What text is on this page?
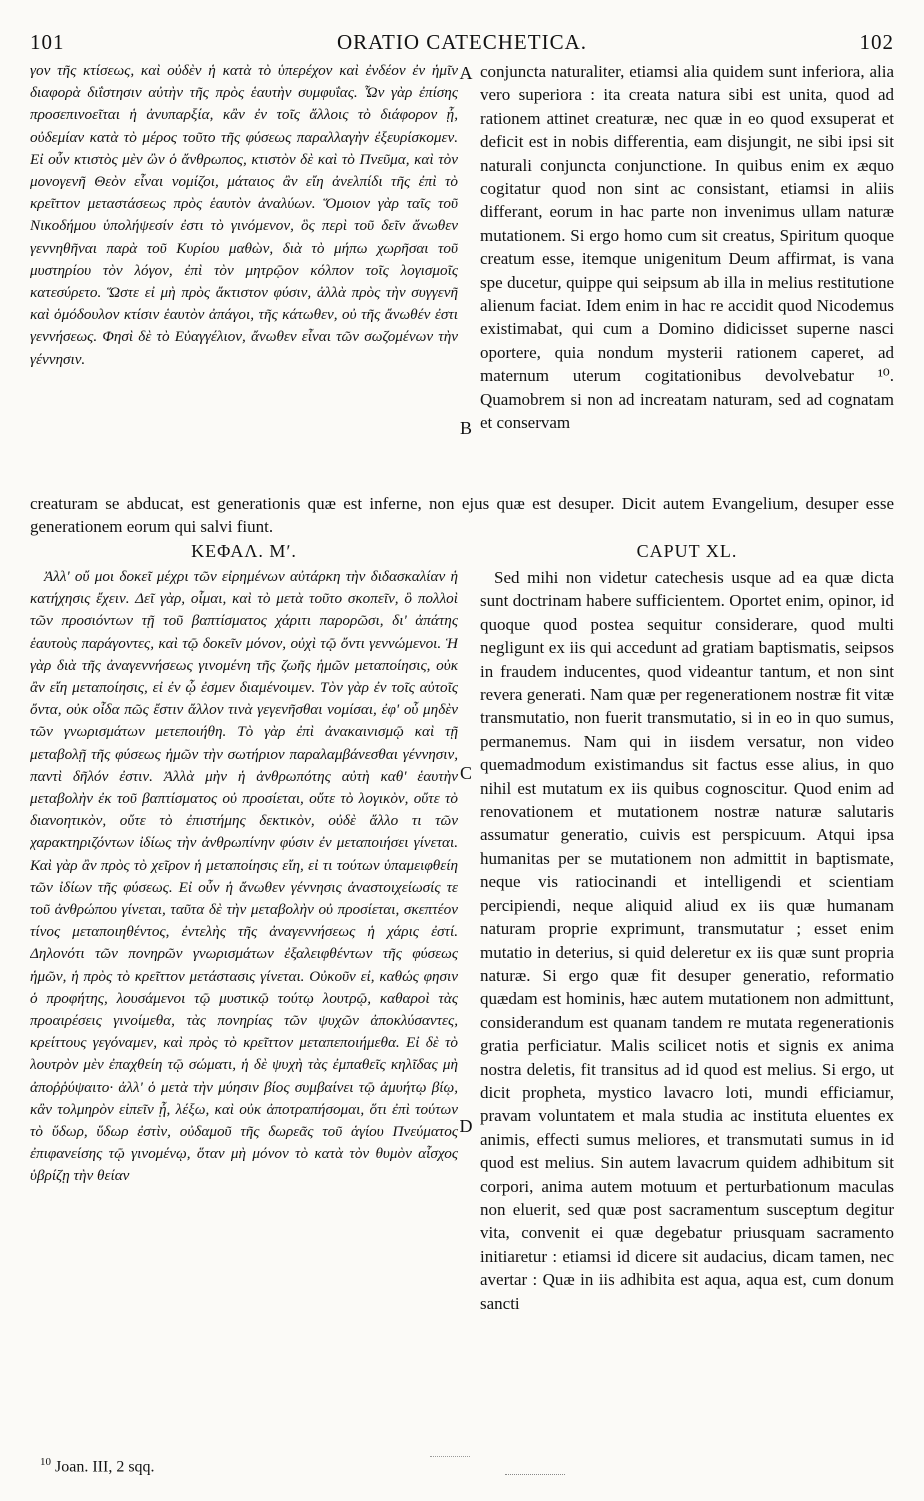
101	ORATIO CATECHETICA.	102

γον τῆς κτίσεως, καὶ οὐδὲν ἡ κατὰ τὸ ὑπερέχον καὶ ἐνδέον ἐν ἡμῖν διαφορὰ διΐστησιν αὐτὴν τῆς πρὸς ἑαυτὴν συμφυΐας. Ὧν γὰρ ἐπίσης προσεπινοεῖται ἡ ἀνυπαρξία, κἂν ἐν τοῖς ἄλλοις τὸ διάφορον ᾖ, οὐδεμίαν κατὰ τὸ μέρος τοῦτο τῆς φύσεως παραλλαγὴν ἐξευρίσκομεν. Εἰ οὖν κτιστὸς μὲν ὢν ὁ ἄνθρωπος, κτιστὸν δὲ καὶ τὸ Πνεῦμα, καὶ τὸν μονογενῆ Θεὸν εἶναι νομίζοι, μάταιος ἂν εἴη ἀνελπίδι τῆς ἐπὶ τὸ κρεῖττον μεταστάσεως πρὸς ἑαυτὸν ἀναλύων. Ὅμοιον γὰρ ταῖς τοῦ Νικοδήμου ὑπολήψεσίν ἐστι τὸ γινόμενον, ὃς περὶ τοῦ δεῖν ἄνωθεν γεννηθῆναι παρὰ τοῦ Κυρίου μαθὼν, διὰ τὸ μήπω χωρῆσαι τοῦ μυστηρίου τὸν λόγον, ἐπὶ τὸν μητρῷον κόλπον τοῖς λογισμοῖς κατεσύρετο. Ὥστε εἰ μὴ πρὸς ἄκτιστον φύσιν, ἀλλὰ πρὸς τὴν συγγενῆ καὶ ὁμόδουλον κτίσιν ἑαυτὸν ἀπάγοι, τῆς κάτωθεν, οὐ τῆς ἄνωθέν ἐστι γεννήσεως. Φησὶ δὲ τὸ Εὐαγγέλιον, ἄνωθεν εἶναι τῶν σωζομένων τὴν γέννησιν.

conjuncta naturaliter, etiamsi alia quidem sunt inferiora, alia vero superiora : ita creata natura sibi est unita, quod ad rationem attinet creaturæ, nec quæ in eo quod exsuperat et deficit est in nobis differentia, eam disjungit, ne sibi ipsi sit naturali conjuncta conjunctione. In quibus enim ex æquo cogitatur quod non sint ac consistant, etiamsi in aliis differant, eorum in hac parte non invenimus ullam naturæ mutationem. Si ergo homo cum sit creatus, Spiritum quoque creatum esse, itemque unigenitum Deum affirmat, is vana spe ducetur, quippe qui seipsum ab illa in melius restitutione alienum faciat. Idem enim in hac re accidit quod Nicodemus existimabat, qui cum a Domino didicisset superne nasci oportere, quia nondum mysterii rationem caperet, ad maternum uterum cogitationibus devolvebatur ¹⁰. Quamobrem si non ad increatam naturam, sed ad cognatam et conservam

A
B
creaturam se abducat, est generationis quæ est inferne, non ejus quæ est desuper. Dicit autem Evangelium, desuper esse generationem eorum qui salvi fiunt.
ΚΕΦΑΛ. Μʹ.	CAPUT XL.

Ἀλλ' οὔ μοι δοκεῖ μέχρι τῶν εἰρημένων αὐτάρκη τὴν διδασκαλίαν ἡ κατήχησις ἔχειν. Δεῖ γὰρ, οἶμαι, καὶ τὸ μετὰ τοῦτο σκοπεῖν, ὃ πολλοὶ τῶν προσιόντων τῇ τοῦ βαπτίσματος χάριτι παρορῶσι, δι' ἀπάτης ἑαυτοὺς παράγοντες, καὶ τῷ δοκεῖν μόνον, οὐχὶ τῷ ὄντι γεννώμενοι. Ἡ γὰρ διὰ τῆς ἀναγεννήσεως γινομένη τῆς ζωῆς ἡμῶν μεταποίησις, οὐκ ἂν εἴη μεταποίησις, εἰ ἐν ᾧ ἐσμεν διαμένοιμεν. Τὸν γὰρ ἐν τοῖς αὐτοῖς ὄντα, οὐκ οἶδα πῶς ἔστιν ἄλλον τινὰ γεγενῆσθαι νομίσαι, ἐφ' οὗ μηδὲν τῶν γνωρισμάτων μετεποιήθη. Τὸ γὰρ ἐπὶ ἀνακαινισμῷ καὶ τῇ μεταβολῇ τῆς φύσεως ἡμῶν τὴν σωτήριον παραλαμβάνεσθαι γέννησιν, παντὶ δῆλόν ἐστιν. Ἀλλὰ μὴν ἡ ἀνθρωπότης αὐτὴ καθ' ἑαυτὴν μεταβολὴν ἐκ τοῦ βαπτίσματος οὐ προσίεται, οὔτε τὸ λογικὸν, οὔτε τὸ διανοητικὸν, οὔτε τὸ ἐπιστήμης δεκτικὸν, οὐδὲ ἄλλο τι τῶν χαρακτηριζόντων ἰδίως τὴν ἀνθρωπίνην φύσιν ἐν μεταποιήσει γίνεται. Καὶ γὰρ ἂν πρὸς τὸ χεῖρον ἡ μεταποίησις εἴη, εἰ τι τούτων ὑπαμειφθείη τῶν ἰδίων τῆς φύσεως. Εἰ οὖν ἡ ἄνωθεν γέννησις ἀναστοιχείωσίς τε τοῦ ἀνθρώπου γίνεται, ταῦτα δὲ τὴν μεταβολὴν οὐ προσίεται, σκεπτέον τίνος μεταποιηθέντος, ἐντελὴς τῆς ἀναγεννήσεως ἡ χάρις ἐστί. Δηλονότι τῶν πονηρῶν γνωρισμάτων ἐξαλειφθέντων τῆς φύσεως ἡμῶν, ἡ πρὸς τὸ κρεῖττον μετάστασις γίνεται. Οὐκοῦν εἰ, καθώς φησιν ὁ προφήτης, λουσάμενοι τῷ μυστικῷ τούτῳ λουτρῷ, καθαροὶ τὰς προαιρέσεις γινοίμεθα, τὰς πονηρίας τῶν ψυχῶν ἀποκλύσαντες, κρείττους γεγόναμεν, καὶ πρὸς τὸ κρεῖττον μεταπεποιήμεθα. Εἰ δὲ τὸ λουτρὸν μὲν ἐπαχθείη τῷ σώματι, ἡ δὲ ψυχὴ τὰς ἐμπαθεῖς κηλῖδας μὴ ἀποῤῥύψαιτο· ἀλλ' ὁ μετὰ τὴν μύησιν βίος συμβαίνει τῷ ἀμυήτῳ βίῳ, κἂν τολμηρὸν εἰπεῖν ᾖ, λέξω, καὶ οὐκ ἀποτραπήσομαι, ὅτι ἐπὶ τούτων τὸ ὕδωρ, ὕδωρ ἐστὶν, οὐδαμοῦ τῆς δωρεᾶς τοῦ ἁγίου Πνεύματος ἐπιφανείσης τῷ γινομένῳ, ὅταν μὴ μόνον τὸ κατὰ τὸν θυμὸν αἶσχος ὑβρίζῃ τὴν θείαν

Sed mihi non videtur catechesis usque ad ea quæ dicta sunt doctrinam habere sufficientem. Oportet enim, opinor, id quoque quod postea sequitur considerare, quod multi negligunt ex iis qui accedunt ad gratiam baptismatis, seipsos in fraudem inducentes, quod videantur tantum, et non sint revera generati. Nam quæ per regenerationem nostræ fit vitæ transmutatio, non fuerit transmutatio, si in eo in quo sumus, permanemus. Nam qui in iisdem versatur, non video quemadmodum existimandus sit factus esse alius, in quo nihil est mutatum ex iis quibus cognoscitur. Quod enim ad renovationem et mutationem nostræ naturæ salutaris assumatur generatio, cuivis est perspicuum. Atqui ipsa humanitas per se mutationem non admittit in baptismate, neque vis ratiocinandi et intelligendi et scientiam percipiendi, neque aliquid aliud ex iis quæ humanam naturam proprie exprimunt, transmutatur ; esset enim mutatio in deterius, si quid deleretur ex iis quæ sunt propria naturæ. Si ergo quæ fit desuper generatio, reformatio quædam est hominis, hæc autem mutationem non admittunt, considerandum est quanam tandem re mutata regenerationis gratia perficiatur. Malis scilicet notis et signis ex anima nostra deletis, fit transitus ad id quod est melius. Si ergo, ut dicit propheta, mystico lavacro loti, mundi efficiamur, pravam voluntatem et mala studia ac instituta eluentes ex animis, effecti sumus meliores, et transmutati sumus in id quod est melius. Sin autem lavacrum quidem adhibitum sit corpori, anima autem motuum et perturbationum maculas non eluerit, sed quæ post sacramentum susceptum degitur vita, convenit ei quæ degebatur priusquam sacramento initiaretur : etiamsi id dicere sit audacius, dicam tamen, nec avertar : Quæ in iis adhibita est aqua, aqua est, cum donum sancti

C
D
$^{10}$ Joan. III, 2 sqq.
